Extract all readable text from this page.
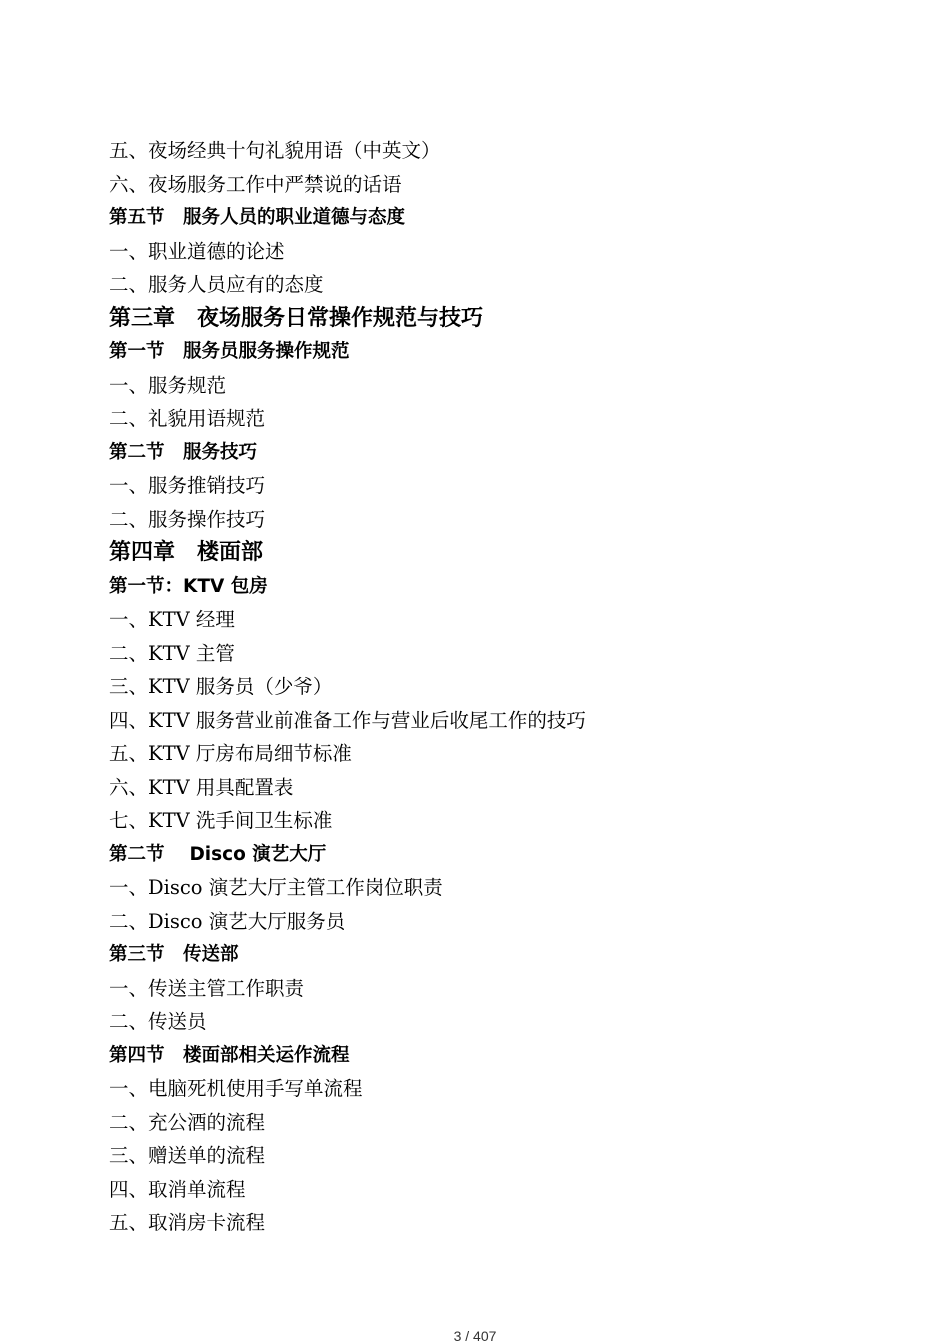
五、夜场经典十句礼貌用语（中英文）
六、夜场服务工作中严禁说的话语
第五节　服务人员的职业道德与态度
一、职业道德的论述
二、服务人员应有的态度
第三章　夜场服务日常操作规范与技巧
第一节　服务员服务操作规范
一、服务规范
二、礼貌用语规范
第二节　服务技巧
一、服务推销技巧
二、服务操作技巧
第四章　楼面部
第一节：KTV 包房
一、KTV 经理
二、KTV 主管
三、KTV 服务员（少爷）
四、KTV 服务营业前准备工作与营业后收尾工作的技巧
五、KTV 厅房布局细节标准
六、KTV 用具配置表
七、KTV 洗手间卫生标准
第二节　 Disco 演艺大厅
一、Disco 演艺大厅主管工作岗位职责
二、Disco 演艺大厅服务员
第三节　传送部
一、传送主管工作职责
二、传送员
第四节　楼面部相关运作流程
一、电脑死机使用手写单流程
二、充公酒的流程
三、赠送单的流程
四、取消单流程
五、取消房卡流程
3 / 407
